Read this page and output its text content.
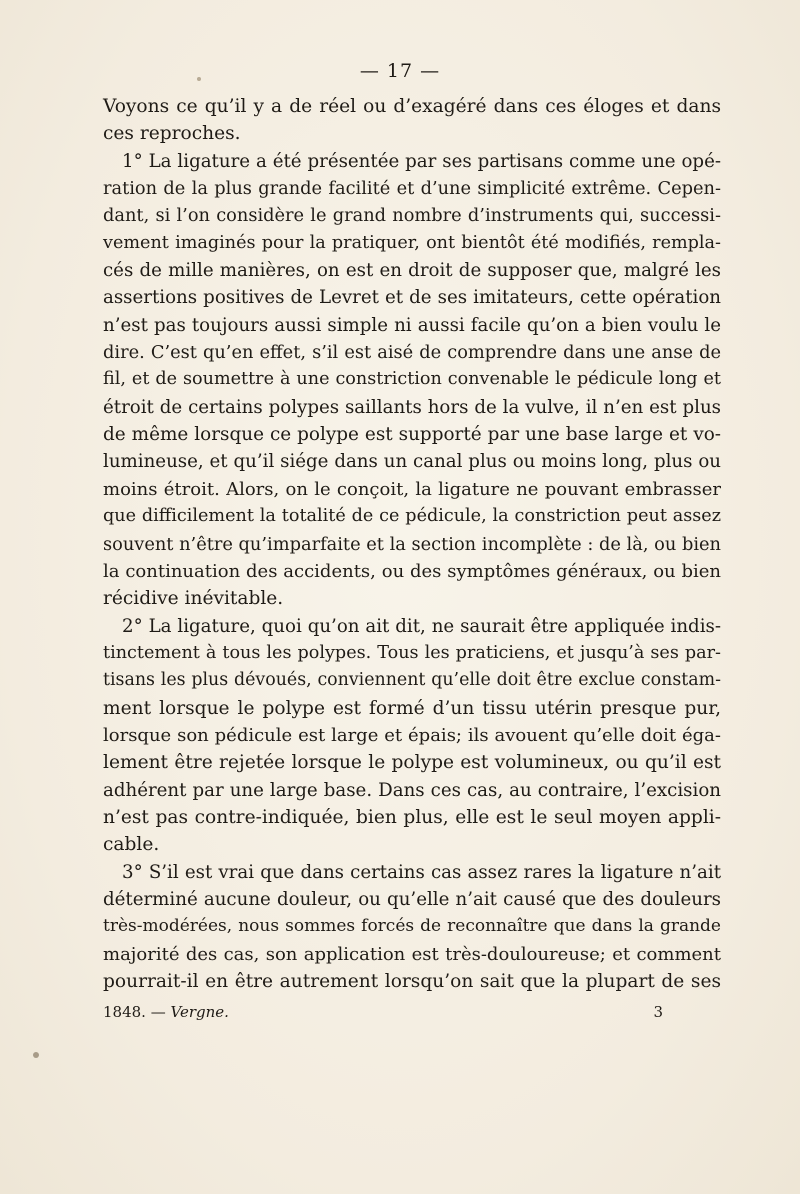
— 17 —
Voyons ce qu’il y a de réel ou d’exagéré dans ces éloges et dans
ces reproches.
1° La ligature a été présentée par ses partisans comme une opé-
ration de la plus grande facilité et d’une simplicité extrême. Cepen-
dant, si l’on considère le grand nombre d’instruments qui, successi-
vement imaginés pour la pratiquer, ont bientôt été modifiés, rempla-
cés de mille manières, on est en droit de supposer que, malgré les
assertions positives de Levret et de ses imitateurs, cette opération
n’est pas toujours aussi simple ni aussi facile qu’on a bien voulu le
dire. C’est qu’en effet, s’il est aisé de comprendre dans une anse de
fil, et de soumettre à une constriction convenable le pédicule long et
étroit de certains polypes saillants hors de la vulve, il n’en est plus
de même lorsque ce polype est supporté par une base large et vo-
lumineuse, et qu’il siége dans un canal plus ou moins long, plus ou
moins étroit. Alors, on le conçoit, la ligature ne pouvant embrasser
que difficilement la totalité de ce pédicule, la constriction peut assez
souvent n’être qu’imparfaite et la section incomplète : de là, ou bien
la continuation des accidents, ou des symptômes généraux, ou bien
récidive inévitable.
2° La ligature, quoi qu’on ait dit, ne saurait être appliquée indis-
tinctement à tous les polypes. Tous les praticiens, et jusqu’à ses par-
tisans les plus dévoués, conviennent qu’elle doit être exclue constam-
ment lorsque le polype est formé d’un tissu utérin presque pur,
lorsque son pédicule est large et épais; ils avouent qu’elle doit éga-
lement être rejetée lorsque le polype est volumineux, ou qu’il est
adhérent par une large base. Dans ces cas, au contraire, l’excision
n’est pas contre-indiquée, bien plus, elle est le seul moyen appli-
cable.
3° S’il est vrai que dans certains cas assez rares la ligature n’ait
déterminé aucune douleur, ou qu’elle n’ait causé que des douleurs
très-modérées, nous sommes forcés de reconnaître que dans la grande
majorité des cas, son application est très-douloureuse; et comment
pourrait-il en être autrement lorsqu’on sait que la plupart de ses
1848. — Vergne.	3
